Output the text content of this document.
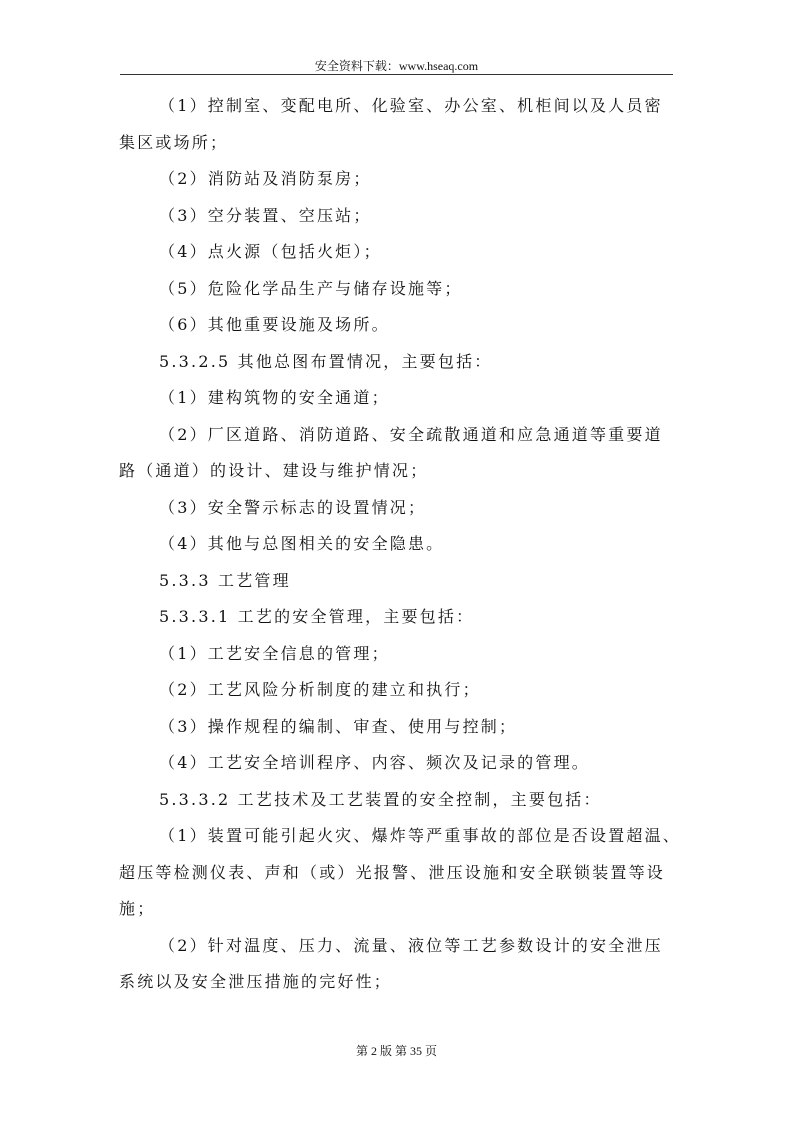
安全资料下载：www.hseaq.com
（1）控制室、变配电所、化验室、办公室、机柜间以及人员密
集区或场所；
（2）消防站及消防泵房；
（3）空分装置、空压站；
（4）点火源（包括火炬）；
（5）危险化学品生产与储存设施等；
（6）其他重要设施及场所。
5.3.2.5 其他总图布置情况，主要包括：
（1）建构筑物的安全通道；
（2）厂区道路、消防道路、安全疏散通道和应急通道等重要道
路（通道）的设计、建设与维护情况；
（3）安全警示标志的设置情况；
（4）其他与总图相关的安全隐患。
5.3.3 工艺管理
5.3.3.1 工艺的安全管理，主要包括：
（1）工艺安全信息的管理；
（2）工艺风险分析制度的建立和执行；
（3）操作规程的编制、审查、使用与控制；
（4）工艺安全培训程序、内容、频次及记录的管理。
5.3.3.2 工艺技术及工艺装置的安全控制，主要包括：
（1）装置可能引起火灾、爆炸等严重事故的部位是否设置超温、
超压等检测仪表、声和（或）光报警、泄压设施和安全联锁装置等设
施；
（2）针对温度、压力、流量、液位等工艺参数设计的安全泄压
系统以及安全泄压措施的完好性；
第 2 版 第 35 页
